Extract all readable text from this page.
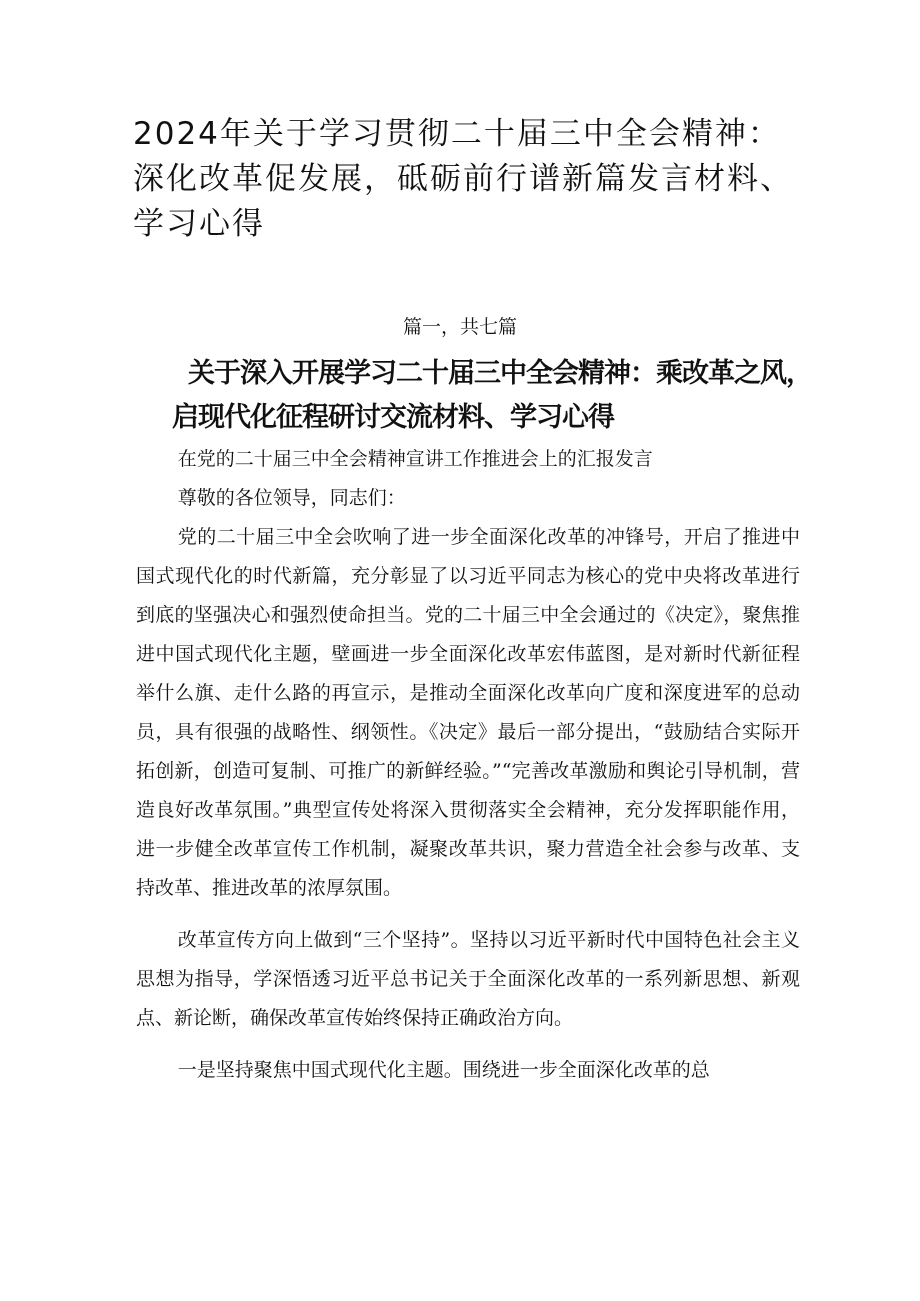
2024年关于学习贯彻二十届三中全会精神：深化改革促发展，砥砺前行谱新篇发言材料、学习心得
篇一，共七篇
关于深入开展学习二十届三中全会精神：乘改革之风，
启现代化征程研讨交流材料、学习心得

在党的二十届三中全会精神宣讲工作推进会上的汇报发言

尊敬的各位领导，同志们：

党的二十届三中全会吹响了进一步全面深化改革的冲锋号，开启了推进中国式现代化的时代新篇，充分彰显了以习近平同志为核心的党中央将改革进行到底的坚强决心和强烈使命担当。党的二十届三中全会通过的《决定》，聚焦推进中国式现代化主题，壁画进一步全面深化改革宏伟蓝图，是对新时代新征程举什么旗、走什么路的再宣示，是推动全面深化改革向广度和深度进军的总动员，具有很强的战略性、纲领性。《决定》最后一部分提出，“鼓励结合实际开拓创新，创造可复制、可推广的新鲜经验。”“完善改革激励和舆论引导机制，营造良好改革氛围。”典型宣传处将深入贯彻落实全会精神，充分发挥职能作用，进一步健全改革宣传工作机制，凝聚改革共识，聚力营造全社会参与改革、支持改革、推进改革的浓厚氛围。

改革宣传方向上做到“三个坚持”。坚持以习近平新时代中国特色社会主义思想为指导，学深悟透习近平总书记关于全面深化改革的一系列新思想、新观点、新论断，确保改革宣传始终保持正确政治方向。

一是坚持聚焦中国式现代化主题。围绕进一步全面深化改革的总
